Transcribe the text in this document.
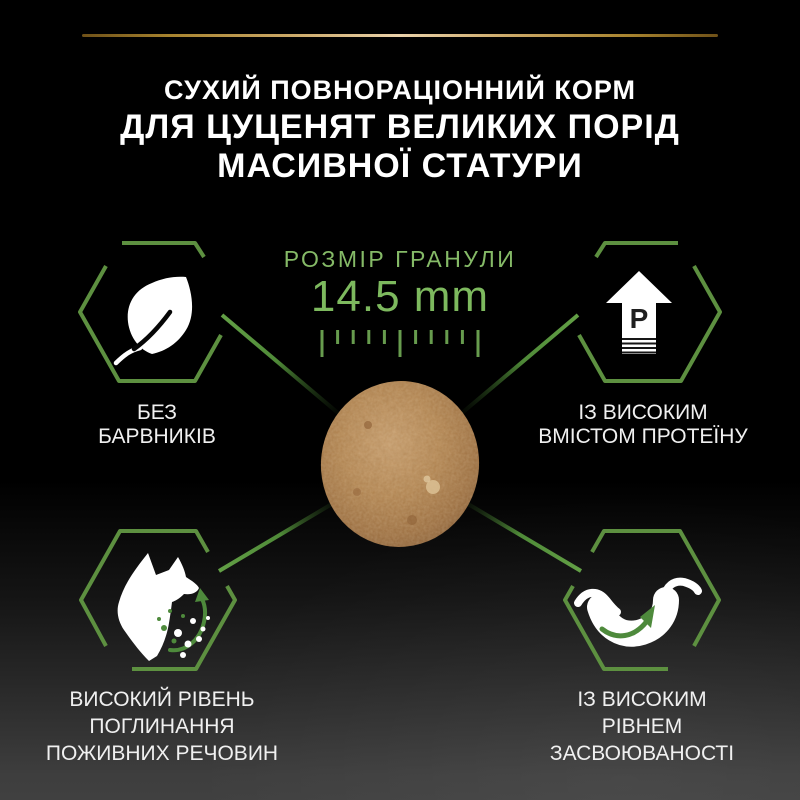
СУХИЙ ПОВНОРАЦІОННИЙ КОРМ
ДЛЯ ЦУЦЕНЯТ ВЕЛИКИХ ПОРІД
МАСИВНОЇ СТАТУРИ
РОЗМІР ГРАНУЛИ
14.5 mm	P
БЕЗ
БАРВНИКІВ
ІЗ ВИСОКИМ
ВМІСТОМ ПРОТЕЇНУ
ВИСОКИЙ РІВЕНЬ
ПОГЛИНАННЯ
ПОЖИВНИХ РЕЧОВИН
ІЗ ВИСОКИМ
РІВНЕМ
ЗАСВОЮВАНОСТІ
